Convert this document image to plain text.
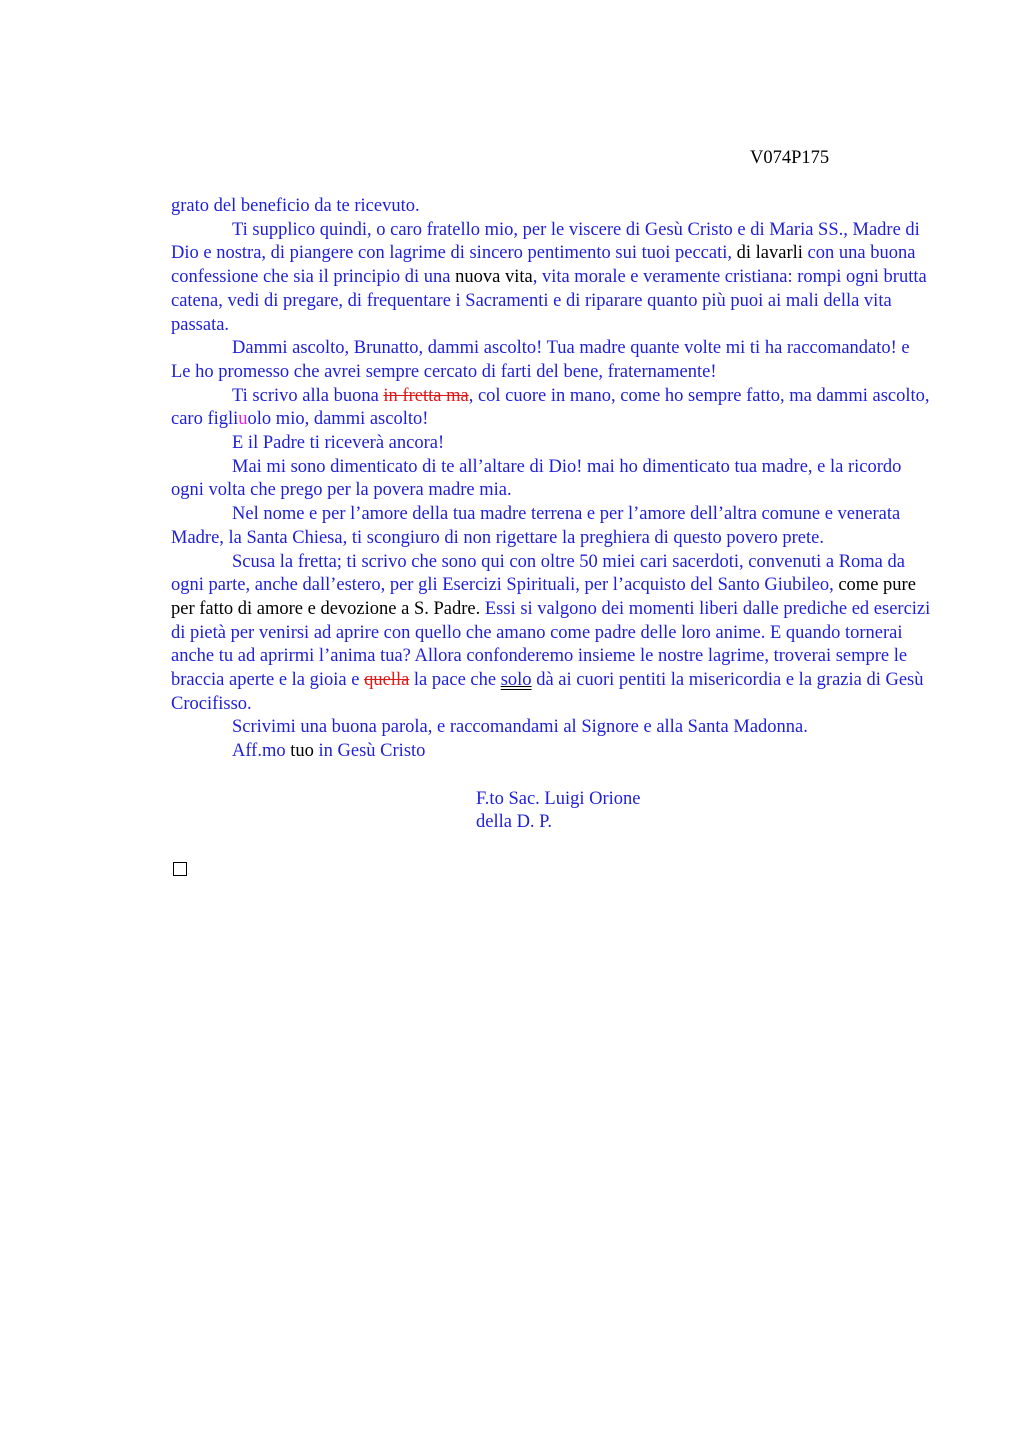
V074P175

grato del beneficio da te ricevuto.

Ti supplico quindi, o caro fratello mio, per le viscere di Gesù Cristo e di Maria SS., Madre di Dio e nostra, di piangere con lagrime di sincero pentimento sui tuoi peccati, di lavarli con una buona confessione che sia il principio di una nuova vita, vita morale e veramente cristiana: rompi ogni brutta catena, vedi di pregare, di frequentare i Sacramenti e di riparare quanto più puoi ai mali della vita passata.

Dammi ascolto, Brunatto, dammi ascolto! Tua madre quante volte mi ti ha raccomandato! e Le ho promesso che avrei sempre cercato di farti del bene, fraternamente!

Ti scrivo alla buona in fretta ma, col cuore in mano, come ho sempre fatto, ma dammi ascolto, caro figliuolo mio, dammi ascolto!

E il Padre ti riceverà ancora!

Mai mi sono dimenticato di te all’altare di Dio! mai ho dimenticato tua madre, e la ricordo ogni volta che prego per la povera madre mia.

Nel nome e per l’amore della tua madre terrena e per l’amore dell’altra comune e venerata Madre, la Santa Chiesa, ti scongiuro di non rigettare la preghiera di questo povero prete.

Scusa la fretta; ti scrivo che sono qui con oltre 50 miei cari sacerdoti, convenuti a Roma da ogni parte, anche dall’estero, per gli Esercizi Spirituali, per l’acquisto del Santo Giubileo, come pure per fatto di amore e devozione a S. Padre. Essi si valgono dei momenti liberi dalle prediche ed esercizi di pietà per venirsi ad aprire con quello che amano come padre delle loro anime. E quando tornerai anche tu ad aprirmi l’anima tua? Allora confonderemo insieme le nostre lagrime, troverai sempre le braccia aperte e la gioia e quella la pace che solo dà ai cuori pentiti la misericordia e la grazia di Gesù Crocifisso.

Scrivimi una buona parola, e raccomandami al Signore e alla Santa Madonna.

Aff.mo tuo in Gesù Cristo

F.to Sac. Luigi Orione

della D. P.
